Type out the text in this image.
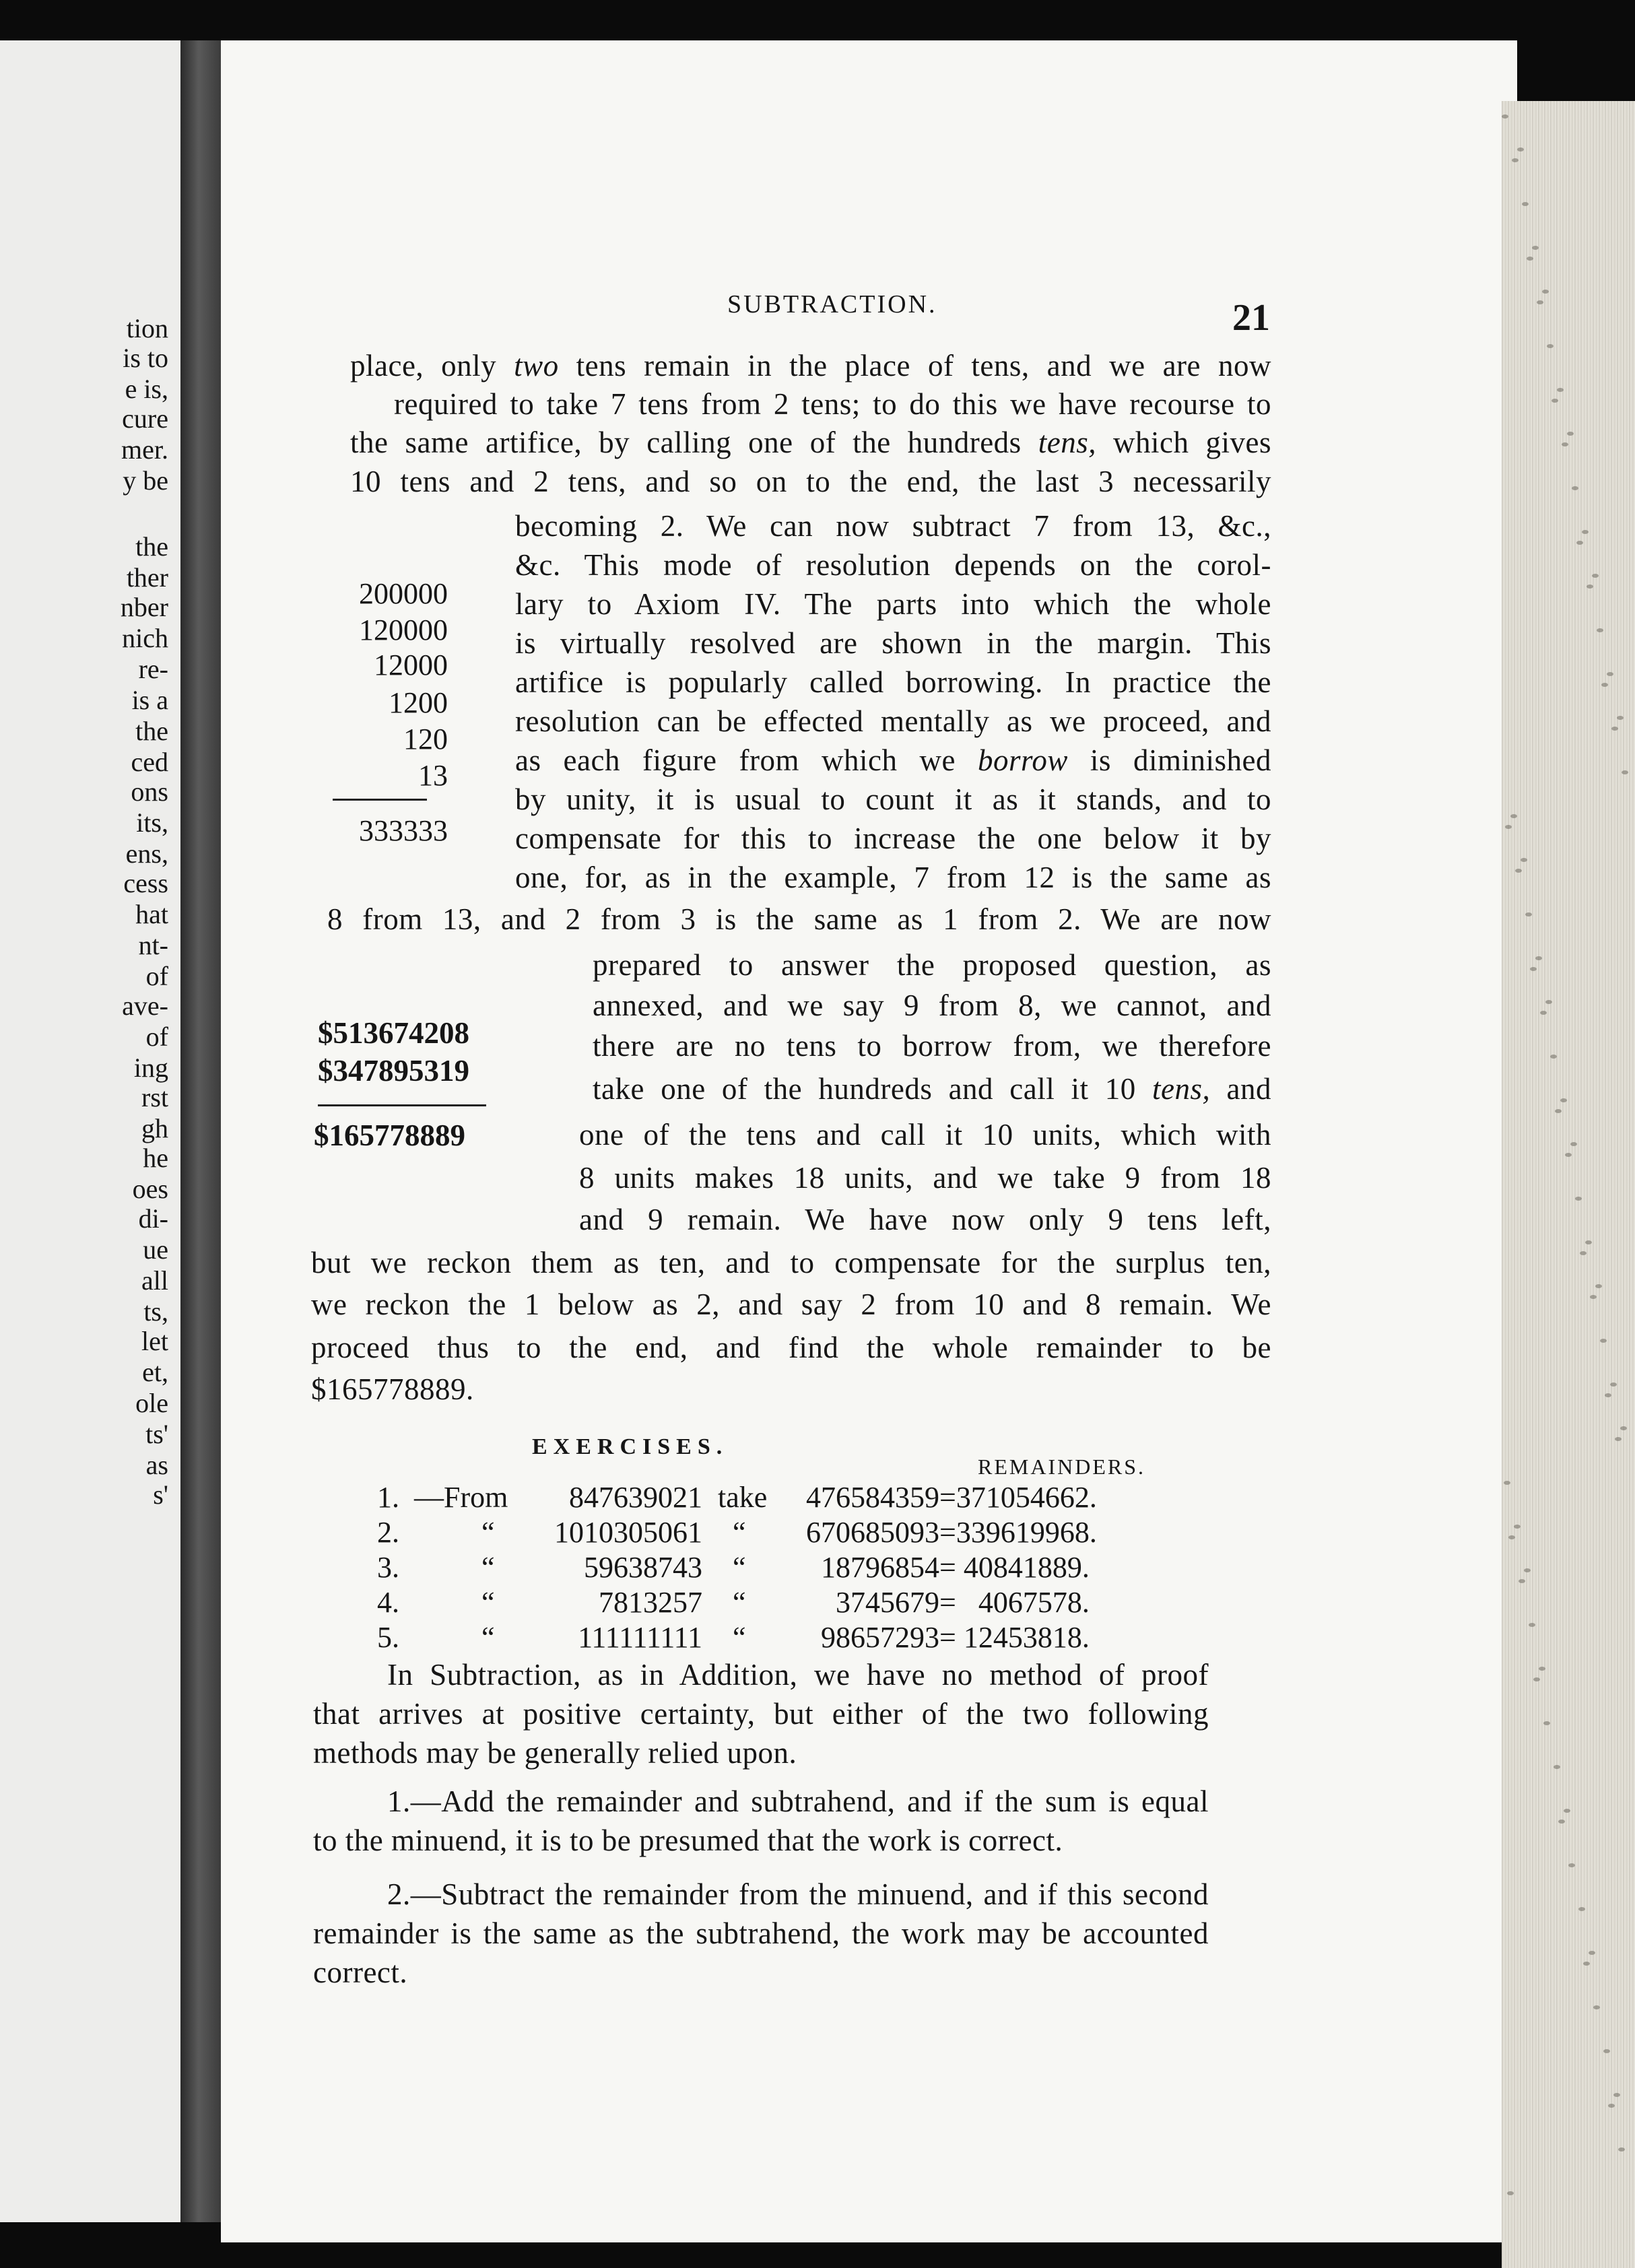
tion
is to
e is,
cure
mer.
y be
the
ther
nber
nich
re-
is a
the
ced
ons
its,
ens,
cess
hat
nt-
of
ave-
of
ing
rst
gh
he
oes
di-
ue
all
ts,
let
et,
ole
ts'
as
s'
SUBTRACTION.	21
place, only two tens remain in the place of tens, and we are now
required to take 7 tens from 2 tens; to do this we have recourse to
the same artifice, by calling one of the hundreds tens, which gives
10 tens and 2 tens, and so on to the end, the last 3 necessarily
becoming 2. We can now subtract 7 from 13, &c.,
&c. This mode of resolution depends on the corol-
lary to Axiom IV. The parts into which the whole
is virtually resolved are shown in the margin. This
artifice is popularly called borrowing. In practice the
resolution can be effected mentally as we proceed, and
as each figure from which we borrow is diminished
by unity, it is usual to count it as it stands, and to
compensate for this to increase the one below it by
one, for, as in the example, 7 from 12 is the same as
8 from 13, and 2 from 3 is the same as 1 from 2. We are now
prepared to answer the proposed question, as
annexed, and we say 9 from 8, we cannot, and
there are no tens to borrow from, we therefore
take one of the hundreds and call it 10 tens, and
one of the tens and call it 10 units, which with
8 units makes 18 units, and we take 9 from 18
and 9 remain. We have now only 9 tens left,
but we reckon them as ten, and to compensate for the surplus ten,
we reckon the 1 below as 2, and say 2 from 10 and 8 remain. We
proceed thus to the end, and find the whole remainder to be
$165778889.
200000
120000
12000
1200
120
13
333333
$513674208
$347895319
$165778889
EXERCISES.
REMAINDERS.
1. —From	847639021 take	476584359 =371054662.
2.	“	1010305061 “	670685093 =339619968.
3.	“	59638743 “	18796854 = 40841889.
4.	“	7813257 “	3745679 =   4067578.
5.	“	111111111 “	98657293 = 12453818.
In Subtraction, as in Addition, we have no method of proof
that arrives at positive certainty, but either of the two following
methods may be generally relied upon.
1.—Add the remainder and subtrahend, and if the sum is equal
to the minuend, it is to be presumed that the work is correct.
2.—Subtract the remainder from the minuend, and if this second
remainder is the same as the subtrahend, the work may be accounted
correct.
